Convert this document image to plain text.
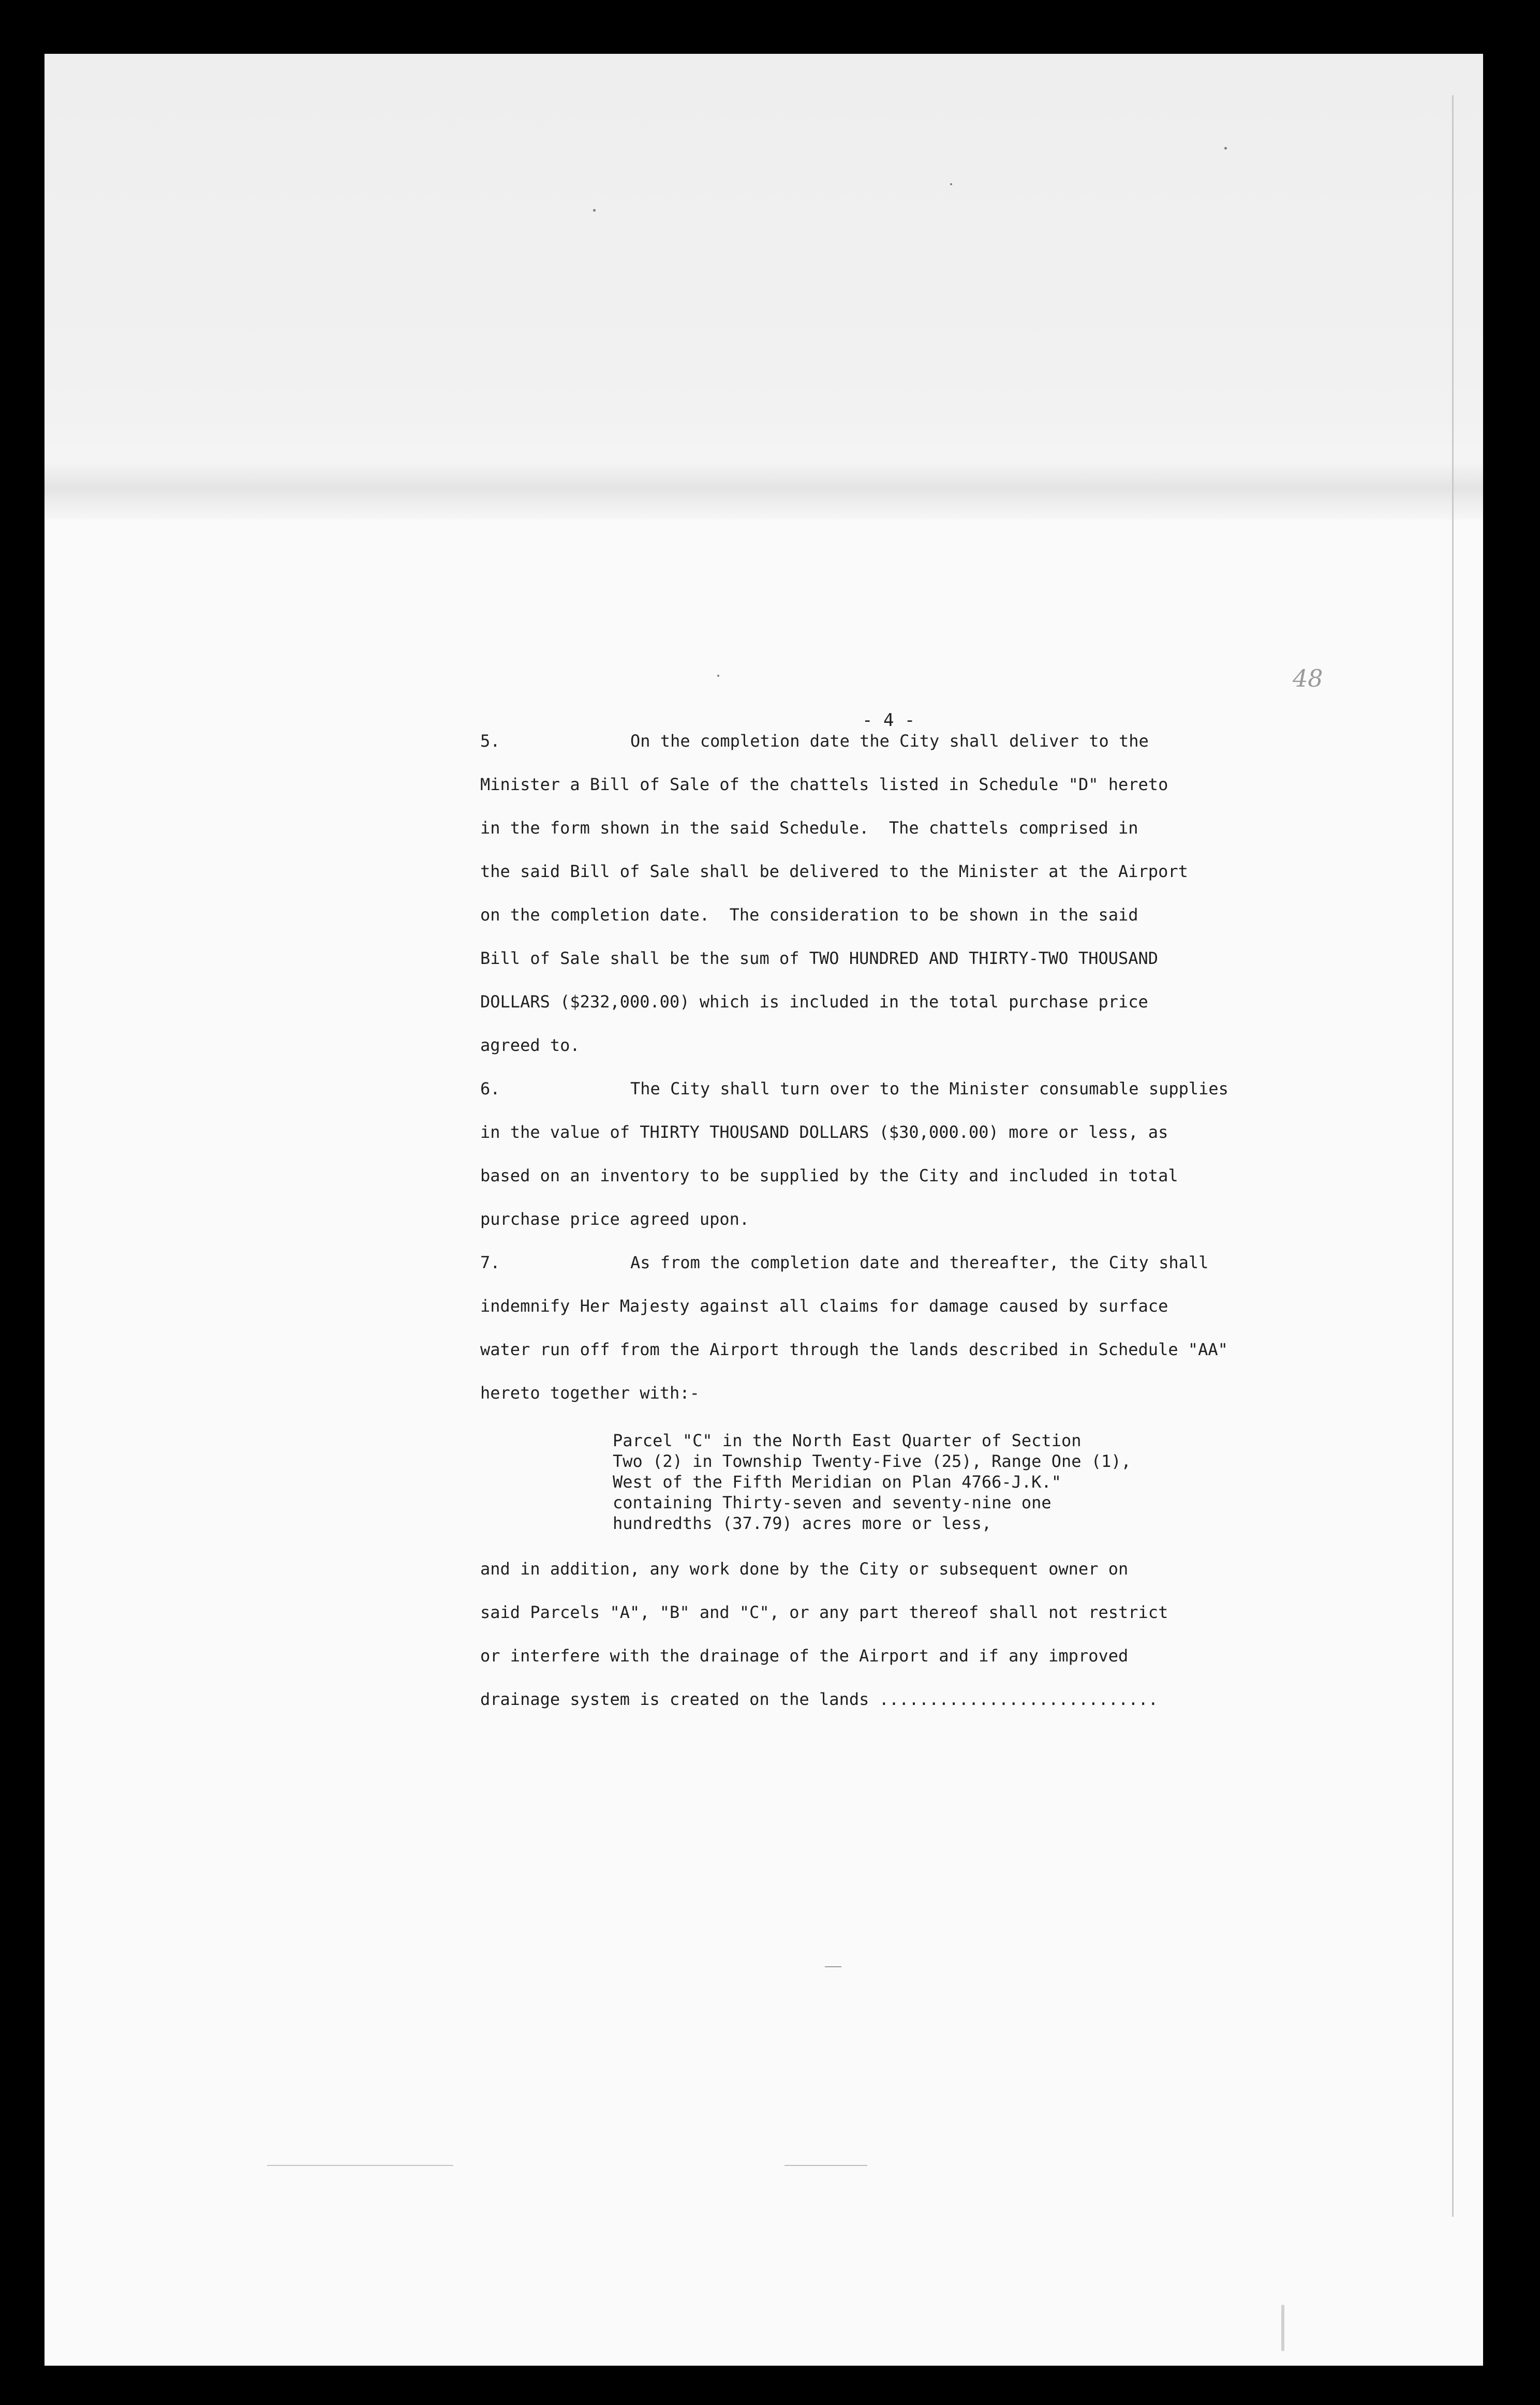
48
- 4 -
5.	On the completion date the City shall deliver to the
Minister a Bill of Sale of the chattels listed in Schedule "D" hereto
in the form shown in the said Schedule.  The chattels comprised in
the said Bill of Sale shall be delivered to the Minister at the Airport
on the completion date.  The consideration to be shown in the said
Bill of Sale shall be the sum of TWO HUNDRED AND THIRTY-TWO THOUSAND
DOLLARS ($232,000.00) which is included in the total purchase price
agreed to.
6.	The City shall turn over to the Minister consumable supplies
in the value of THIRTY THOUSAND DOLLARS ($30,000.00) more or less, as
based on an inventory to be supplied by the City and included in total
purchase price agreed upon.
7.	As from the completion date and thereafter, the City shall
indemnify Her Majesty against all claims for damage caused by surface
water run off from the Airport through the lands described in Schedule "AA"
hereto together with:-
Parcel "C" in the North East Quarter of Section
Two (2) in Township Twenty-Five (25), Range One (1),
West of the Fifth Meridian on Plan 4766-J.K."
containing Thirty-seven and seventy-nine one
hundredths (37.79) acres more or less,
and in addition, any work done by the City or subsequent owner on
said Parcels "A", "B" and "C", or any part thereof shall not restrict
or interfere with the drainage of the Airport and if any improved
drainage system is created on the lands ............................
